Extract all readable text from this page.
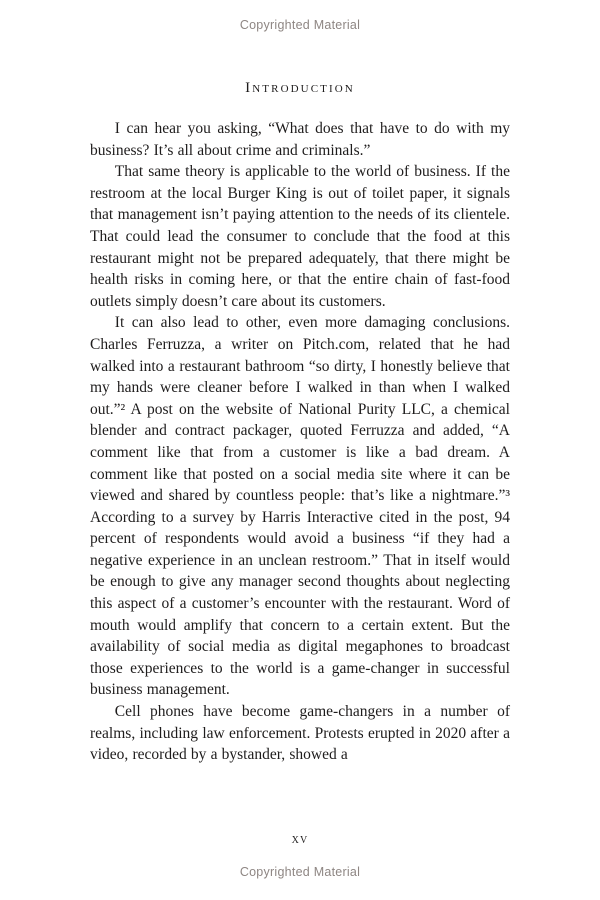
Copyrighted Material
Introduction

I can hear you asking, “What does that have to do with my business? It’s all about crime and criminals.”

That same theory is applicable to the world of business. If the restroom at the local Burger King is out of toilet paper, it signals that management isn’t paying attention to the needs of its clientele. That could lead the consumer to conclude that the food at this restaurant might not be prepared adequately, that there might be health risks in coming here, or that the entire chain of fast-food outlets simply doesn’t care about its customers.

It can also lead to other, even more damaging conclusions. Charles Ferruzza, a writer on Pitch.com, related that he had walked into a restaurant bathroom “so dirty, I honestly believe that my hands were cleaner before I walked in than when I walked out.”² A post on the website of National Purity LLC, a chemical blender and contract packager, quoted Ferruzza and added, “A comment like that from a customer is like a bad dream. A comment like that posted on a social media site where it can be viewed and shared by countless people: that’s like a nightmare.”³ According to a survey by Harris Interactive cited in the post, 94 percent of respondents would avoid a business “if they had a negative experience in an unclean restroom.” That in itself would be enough to give any manager second thoughts about neglecting this aspect of a customer’s encounter with the restaurant. Word of mouth would amplify that concern to a certain extent. But the availability of social media as digital megaphones to broadcast those experiences to the world is a game-changer in successful business management.

Cell phones have become game-changers in a number of realms, including law enforcement. Protests erupted in 2020 after a video, recorded by a bystander, showed a

xv
Copyrighted Material
